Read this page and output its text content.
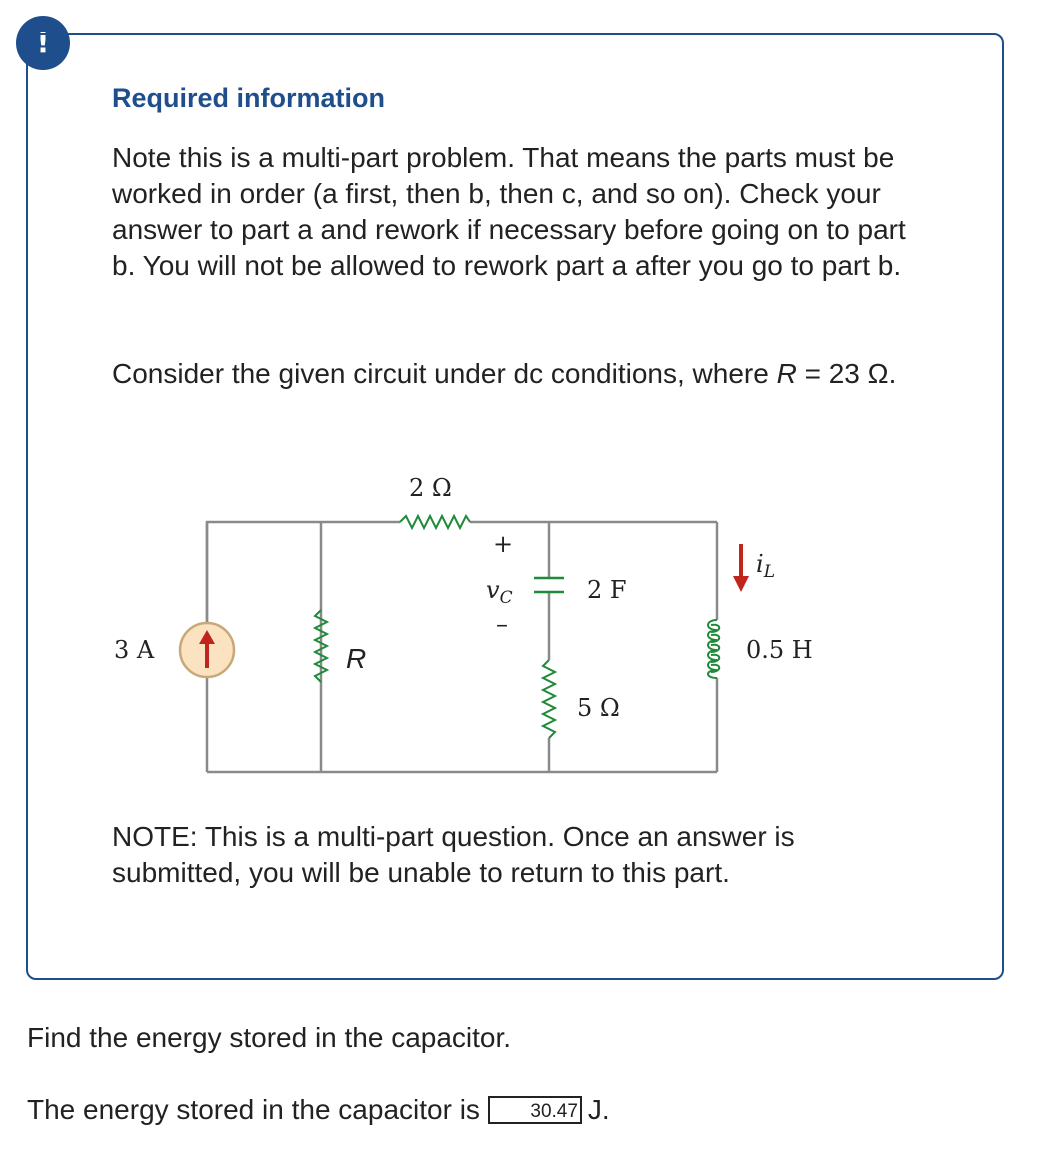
!
Required information

Note this is a multi-part problem. That means the parts must be worked in order (a first, then b, then c, and so on). Check your answer to part a and rework if necessary before going on to part b. You will not be allowed to rework part a after you go to part b.

Consider the given circuit under dc conditions, where R = 23 Ω.

3 A	R
2 Ω
+
–
$v_C$	2 F
5 Ω
$i_L$
0.5 H

NOTE: This is a multi-part question. Once an answer is submitted, you will be unable to return to this part.

Find the energy stored in the capacitor.

The energy stored in the capacitor is	30.47 J.
